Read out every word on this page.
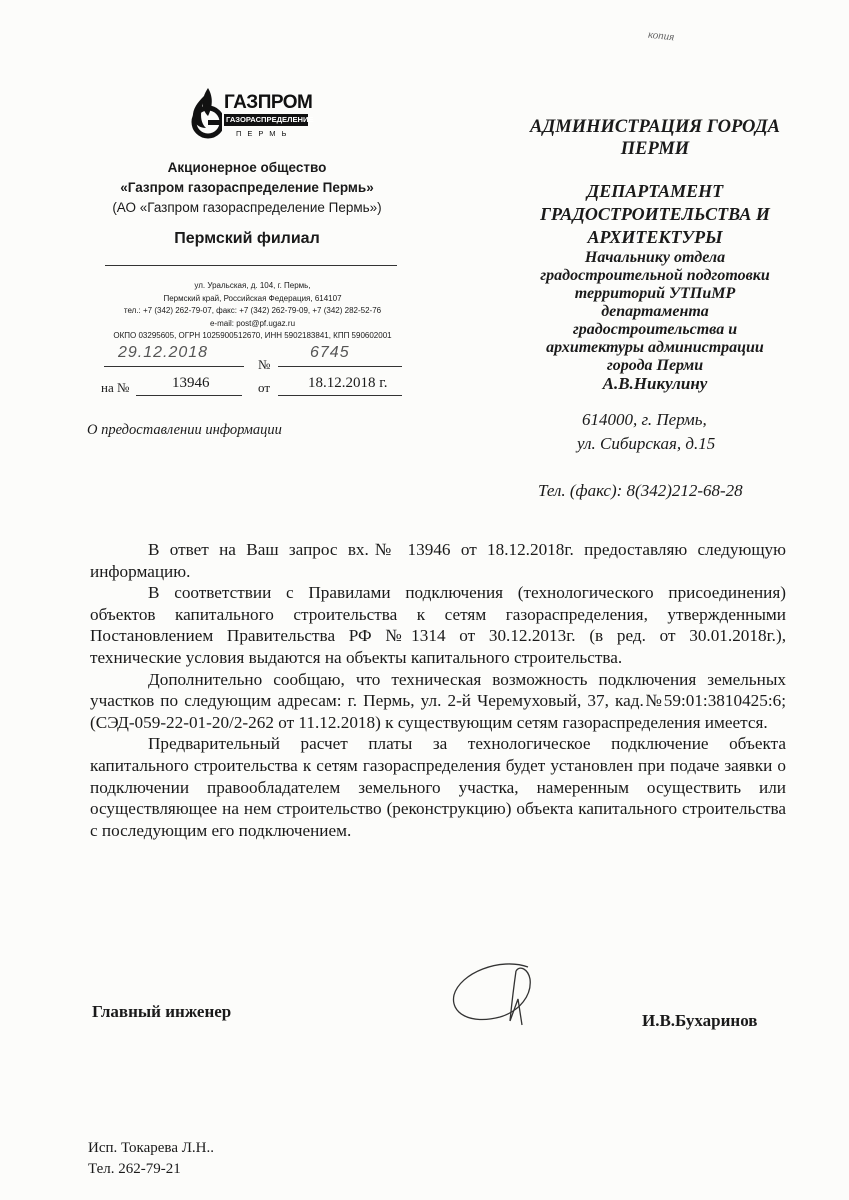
копия
ГАЗПРОМ
ГАЗОРАСПРЕДЕЛЕНИЕ
ПЕРМЬ
Акционерное общество
«Газпром газораспределение Пермь»
(АО «Газпром газораспределение Пермь»)
Пермский филиал
ул. Уральская, д. 104, г. Пермь,
Пермский край, Российская Федерация, 614107
тел.: +7 (342) 262-79-07, факс: +7 (342) 262-79-09, +7 (342) 282-52-76
e-mail: post@pf.ugaz.ru
ОКПО 03295605, ОГРН 1025900512670, ИНН 5902183841, КПП 590602001
29.12.2018
№
6745
на №	13946	от	18.12.2018 г.
О предоставлении информации
АДМИНИСТРАЦИЯ ГОРОДА
ПЕРМИ
ДЕПАРТАМЕНТ
ГРАДОСТРОИТЕЛЬСТВА И
АРХИТЕКТУРЫ
Начальнику отдела
градостроительной подготовки
территорий УТПиМР
департамента
градостроительства и
архитектуры администрации
города Перми
А.В.Никулину
614000, г. Пермь,
ул. Сибирская, д.15
Тел. (факс): 8(342)212-68-28

В ответ на Ваш запрос вх.№ 13946 от 18.12.2018г. предоставляю следующую информацию.

В соответствии с Правилами подключения (технологического присоединения) объектов капитального строительства к сетям газораспределения, утвержденными Постановлением Правительства РФ №1314 от 30.12.2013г. (в ред. от 30.01.2018г.), технические условия выдаются на объекты капитального строительства.

Дополнительно сообщаю, что техническая возможность подключения земельных участков по следующим адресам: г. Пермь, ул. 2-й Черемуховый, 37, кад.№59:01:3810425:6; (СЭД-059-22-01-20/2-262 от 11.12.2018) к существующим сетям газораспределения имеется.

Предварительный расчет платы за технологическое подключение объекта капитального строительства к сетям газораспределения будет установлен при подаче заявки о подключении правообладателем земельного участка, намеренным осуществить или осуществляющее на нем строительство (реконструкцию) объекта капитального строительства с последующим его подключением.

Главный инженер	И.В.Бухаринов
Исп. Токарева Л.Н..
Тел. 262-79-21
